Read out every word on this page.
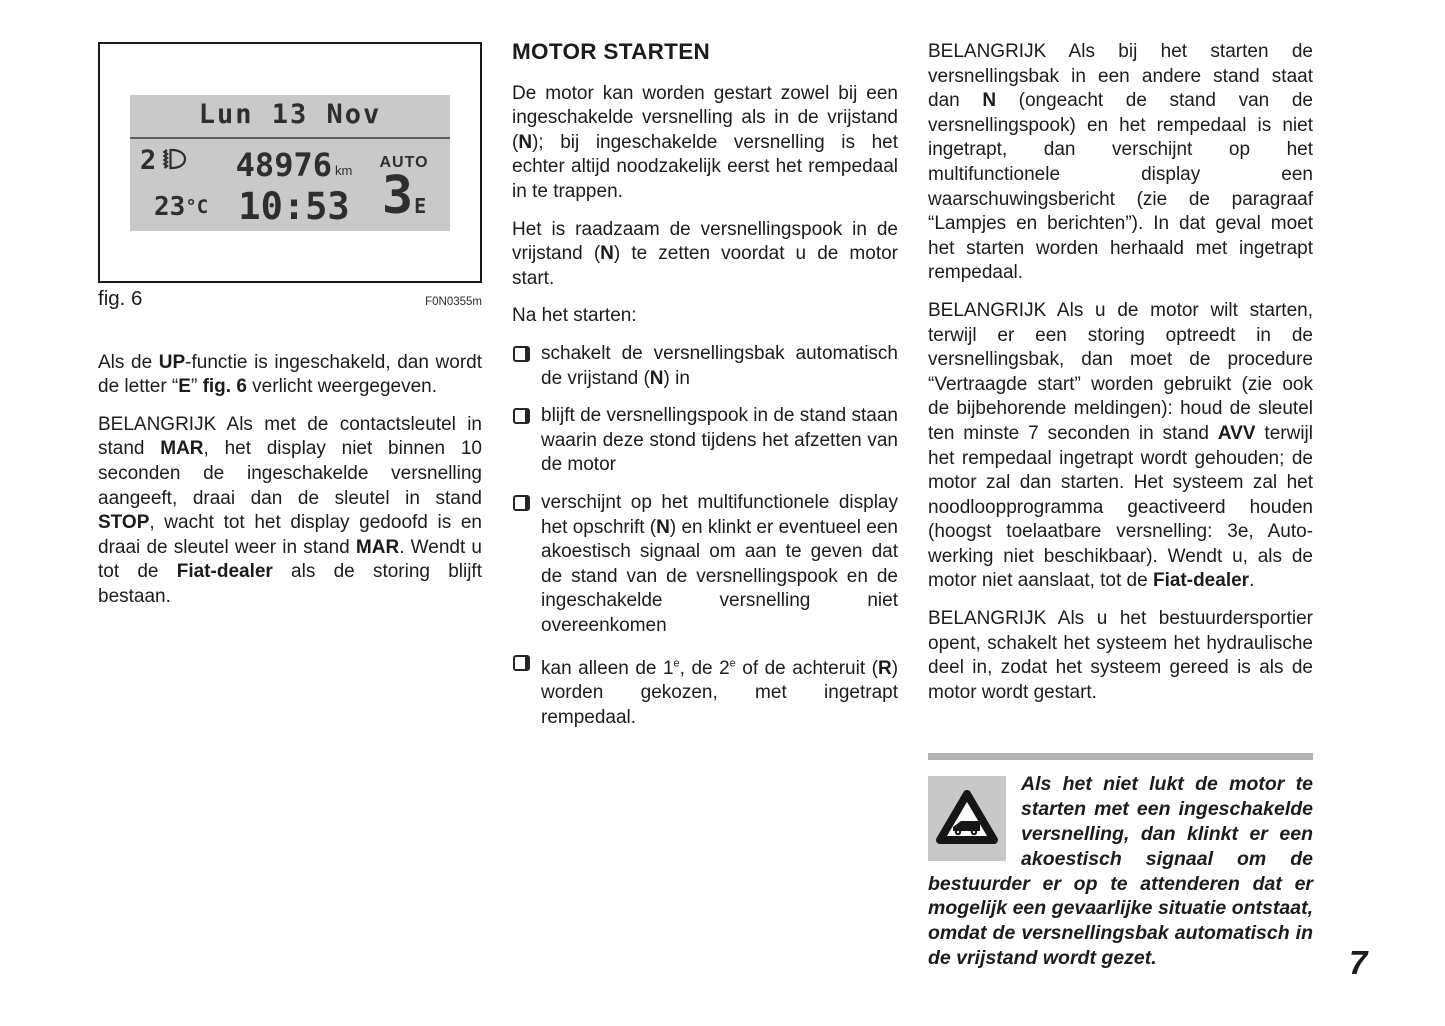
Lun 13 Nov
2 48976 km
23 °C 10:53
AUTO
3 E
fig. 6	F0N0355m

Als de UP-functie is ingeschakeld, dan wordt de letter “E” fig. 6 verlicht weergegeven.

BELANGRIJK Als met de contactsleutel in stand MAR, het display niet binnen 10 seconden de ingeschakelde versnelling aangeeft, draai dan de sleutel in stand STOP, wacht tot het display gedoofd is en draai de sleutel weer in stand MAR. Wendt u tot de Fiat-dealer als de storing blijft bestaan.

MOTOR STARTEN

De motor kan worden gestart zowel bij een ingeschakelde versnelling als in de vrijstand (N); bij ingeschakelde versnelling is het echter altijd noodzakelijk eerst het rempedaal in te trappen.

Het is raadzaam de versnellingspook in de vrijstand (N) te zetten voordat u de motor start.

Na het starten:

schakelt de versnellingsbak automatisch de vrijstand (N) in
blijft de versnellingspook in de stand staan waarin deze stond tijdens het afzetten van de motor
verschijnt op het multifunctionele display het opschrift (N) en klinkt er eventueel een akoestisch signaal om aan te geven dat de stand van de versnellingspook en de ingeschakelde versnelling niet overeenkomen
kan alleen de 1e, de 2e of de achteruit (R) worden gekozen, met ingetrapt rempedaal.

BELANGRIJK Als bij het starten de versnellingsbak in een andere stand staat dan N (ongeacht de stand van de versnellingspook) en het rempedaal is niet ingetrapt, dan verschijnt op het multifunctionele display een waarschuwingsbericht (zie de paragraaf “Lampjes en berichten”). In dat geval moet het starten worden herhaald met ingetrapt rempedaal.

BELANGRIJK Als u de motor wilt starten, terwijl er een storing optreedt in de versnellingsbak, dan moet de procedure “Vertraagde start” worden gebruikt (zie ook de bijbehorende meldingen): houd de sleutel ten minste 7 seconden in stand AVV terwijl het rempedaal ingetrapt wordt gehouden; de motor zal dan starten. Het systeem zal het noodloopprogramma geactiveerd houden (hoogst toelaatbare versnelling: 3e, Auto-werking niet beschikbaar). Wendt u, als de motor niet aanslaat, tot de Fiat-dealer.

BELANGRIJK Als u het bestuurdersportier opent, schakelt het systeem het hydraulische deel in, zodat het systeem gereed is als de motor wordt gestart.

Als het niet lukt de motor te starten met een ingeschakelde versnelling, dan klinkt er een akoestisch signaal om de bestuurder er op te attenderen dat er mogelijk een gevaarlijke situatie ontstaat, omdat de versnellingsbak automatisch in de vrijstand wordt gezet.	7
